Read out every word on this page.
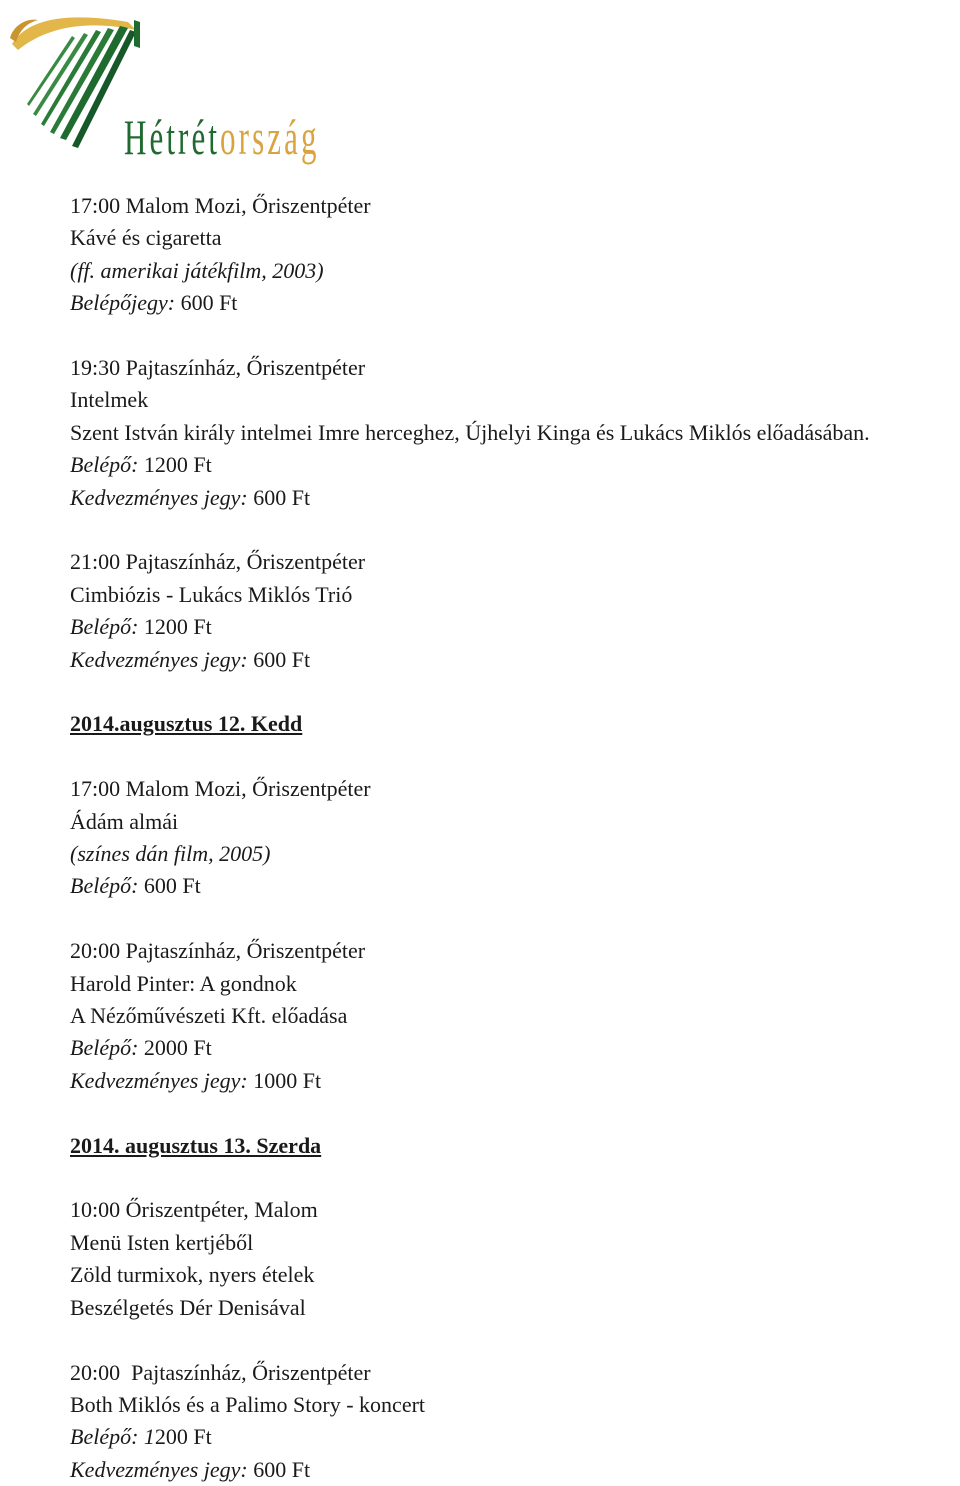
Hétrétország
17:00 Malom Mozi, Őriszentpéter
Kávé és cigaretta
(ff. amerikai játékfilm, 2003)
Belépőjegy: 600 Ft
19:30 Pajtaszínház, Őriszentpéter
Intelmek
Szent István király intelmei Imre herceghez, Újhelyi Kinga és Lukács Miklós előadásában.
Belépő: 1200 Ft
Kedvezményes jegy: 600 Ft
21:00 Pajtaszínház, Őriszentpéter
Cimbiózis - Lukács Miklós Trió
Belépő: 1200 Ft
Kedvezményes jegy: 600 Ft
2014.augusztus 12. Kedd
17:00 Malom Mozi, Őriszentpéter
Ádám almái
(színes dán film, 2005)
Belépő: 600 Ft
20:00 Pajtaszínház, Őriszentpéter
Harold Pinter: A gondnok
A Nézőművészeti Kft. előadása
Belépő: 2000 Ft
Kedvezményes jegy: 1000 Ft
2014. augusztus 13. Szerda
10:00 Őriszentpéter, Malom
Menü Isten kertjéből
Zöld turmixok, nyers ételek
Beszélgetés Dér Denisával
20:00  Pajtaszínház, Őriszentpéter
Both Miklós és a Palimo Story - koncert
Belépő: 1200 Ft
Kedvezményes jegy: 600 Ft
